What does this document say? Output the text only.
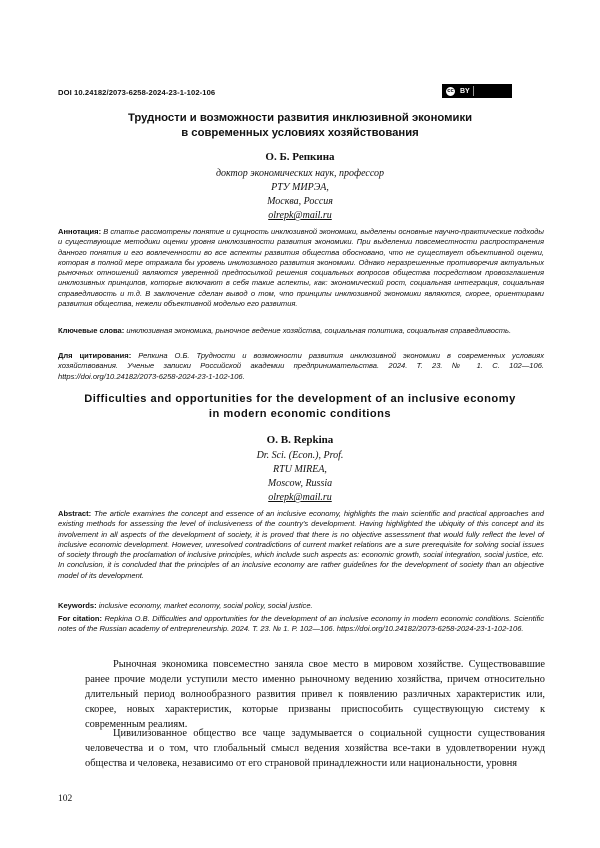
DOI 10.24182/2073-6258-2024-23-1-102-106	cc BY
Трудности и возможности развития инклюзивной экономики
в современных условиях хозяйствования
О. Б. Репкина
доктор экономических наук, профессор
РТУ МИРЭА,
Москва, Россия
olrepk@mail.ru
Аннотация: В статье рассмотрены понятие и сущность инклюзивной экономики, выделены основные научно-практические подходы и существующие методики оценки уровня инклюзивности развития экономики. При выделении повсеместности распространения данного понятия и его вовлеченности во все аспекты развития общества обосновано, что не существует объективной оценки, которая в полной мере отражала бы уровень инклюзивного развития экономики. Однако неразрешенные противоречия актуальных рыночных отношений являются уверенной предпосылкой решения социальных вопросов общества посредством провозглашения инклюзивных принципов, которые включают в себя такие аспекты, как: экономический рост, социальная интеграция, социальная справедливость и т.д. В заключение сделан вывод о том, что принципы инклюзивной экономики являются, скорее, ориентирами развития общества, нежели объективной моделью его развития.
Ключевые слова: инклюзивная экономика, рыночное ведение хозяйства, социальная политика, социальная справедливость.
Для цитирования: Репкина О.Б. Трудности и возможности развития инклюзивной экономики в современных условиях хозяйствования. Ученые записки Российской академии предпринимательства. 2024. Т. 23. № 1. С. 102—106. https://doi.org/10.24182/2073-6258-2024-23-1-102-106.
Difficulties and opportunities for the development of an inclusive economy
in modern economic conditions
O. B. Repkina
Dr. Sci. (Econ.), Prof.
RTU MIREA,
Moscow, Russia
olrepk@mail.ru
Abstract: The article examines the concept and essence of an inclusive economy, highlights the main scientific and practical approaches and existing methods for assessing the level of inclusiveness of the country's development. Having highlighted the ubiquity of this concept and its involvement in all aspects of the development of society, it is proved that there is no objective assessment that would fully reflect the level of inclusive economic development. However, unresolved contradictions of current market relations are a sure prerequisite for solving social issues of society through the proclamation of inclusive principles, which include such aspects as: economic growth, social integration, social justice, etc. In conclusion, it is concluded that the principles of an inclusive economy are rather guidelines for the development of society than an objective model of its development.
Keywords: inclusive economy, market economy, social policy, social justice.
For citation: Repkina O.B. Difficulties and opportunities for the development of an inclusive economy in modern economic conditions. Scientific notes of the Russian academy of entrepreneurship. 2024. T. 23. № 1. P. 102—106. https://doi.org/10.24182/2073-6258-2024-23-1-102-106.
Рыночная экономика повсеместно заняла свое место в мировом хозяйстве. Существовавшие ранее прочие модели уступили место именно рыночному ведению хозяйства, причем относительно длительный период волнообразного развития привел к появлению различных характеристик или, скорее, новых характеристик, которые призваны приспособить существующую систему к современным реалиям.
Цивилизованное общество все чаще задумывается о социальной сущности существования человечества и о том, что глобальный смысл ведения хозяйства все-таки в удовлетворении нужд общества и человека, независимо от его страновой принадлежности или национальности, уровня
102
